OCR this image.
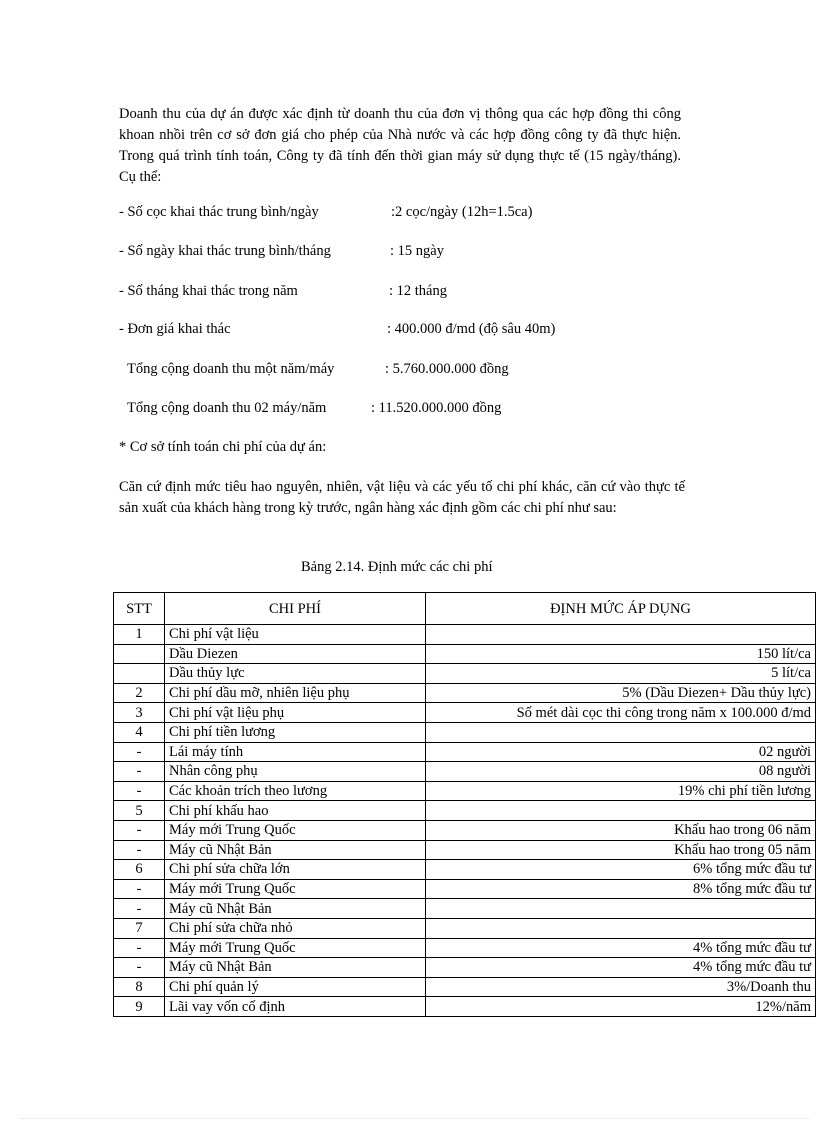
Doanh thu của dự án được xác định từ doanh thu của đơn vị thông qua các hợp đồng thi công khoan nhồi trên cơ sở đơn giá cho phép của Nhà nước và các hợp đồng công ty đã thực hiện. Trong quá trình tính toán, Công ty đã tính đến thời gian máy sử dụng thực tế (15 ngày/tháng). Cụ thể:

- Số cọc khai thác trung bình/ngày	:2 cọc/ngày (12h=1.5ca)
- Số ngày khai thác trung bình/tháng	: 15 ngày
- Số tháng khai thác trong năm	: 12 tháng
- Đơn giá khai thác	: 400.000 đ/md (độ sâu 40m)
Tổng cộng doanh thu một năm/máy	: 5.760.000.000 đồng
Tổng cộng doanh thu 02 máy/năm	: 11.520.000.000 đồng
* Cơ sở tính toán chi phí của dự án:

Căn cứ định mức tiêu hao nguyên, nhiên, vật liệu và các yếu tố chi phí khác, căn cứ vào thực tế sản xuất của khách hàng trong kỳ trước, ngân hàng xác định gồm các chi phí như sau:

Bảng 2.14. Định mức các chi phí
STT	CHI PHÍ	ĐỊNH MỨC ÁP DỤNG
1	Chi phí vật liệu	
	Dầu Diezen	150 lít/ca
	Dầu thủy lực	5 lít/ca
2	Chi phí dầu mỡ, nhiên liệu phụ	5% (Dầu Diezen+ Dầu thủy lực)
3	Chi phí vật liệu phụ	Số mét dài cọc thi công trong năm x 100.000 đ/md
4	Chi phí tiền lương	
-	Lái máy tính	02 người
-	Nhân công phụ	08 người
-	Các khoản trích theo lương	19% chi phí tiền lương
5	Chi phí khấu hao	
-	Máy mới Trung Quốc	Khấu hao trong 06 năm
-	Máy cũ Nhật Bản	Khấu hao trong 05 năm
6	Chi phí sửa chữa lớn	6% tổng mức đầu tư
-	Máy mới Trung Quốc	8% tổng mức đầu tư
-	Máy cũ Nhật Bản	
7	Chi phí sửa chữa nhỏ	
-	Máy mới Trung Quốc	4% tổng mức đầu tư
-	Máy cũ Nhật Bản	4% tổng mức đầu tư
8	Chi phí quản lý	3%/Doanh thu
9	Lãi vay vốn cố định	12%/năm
